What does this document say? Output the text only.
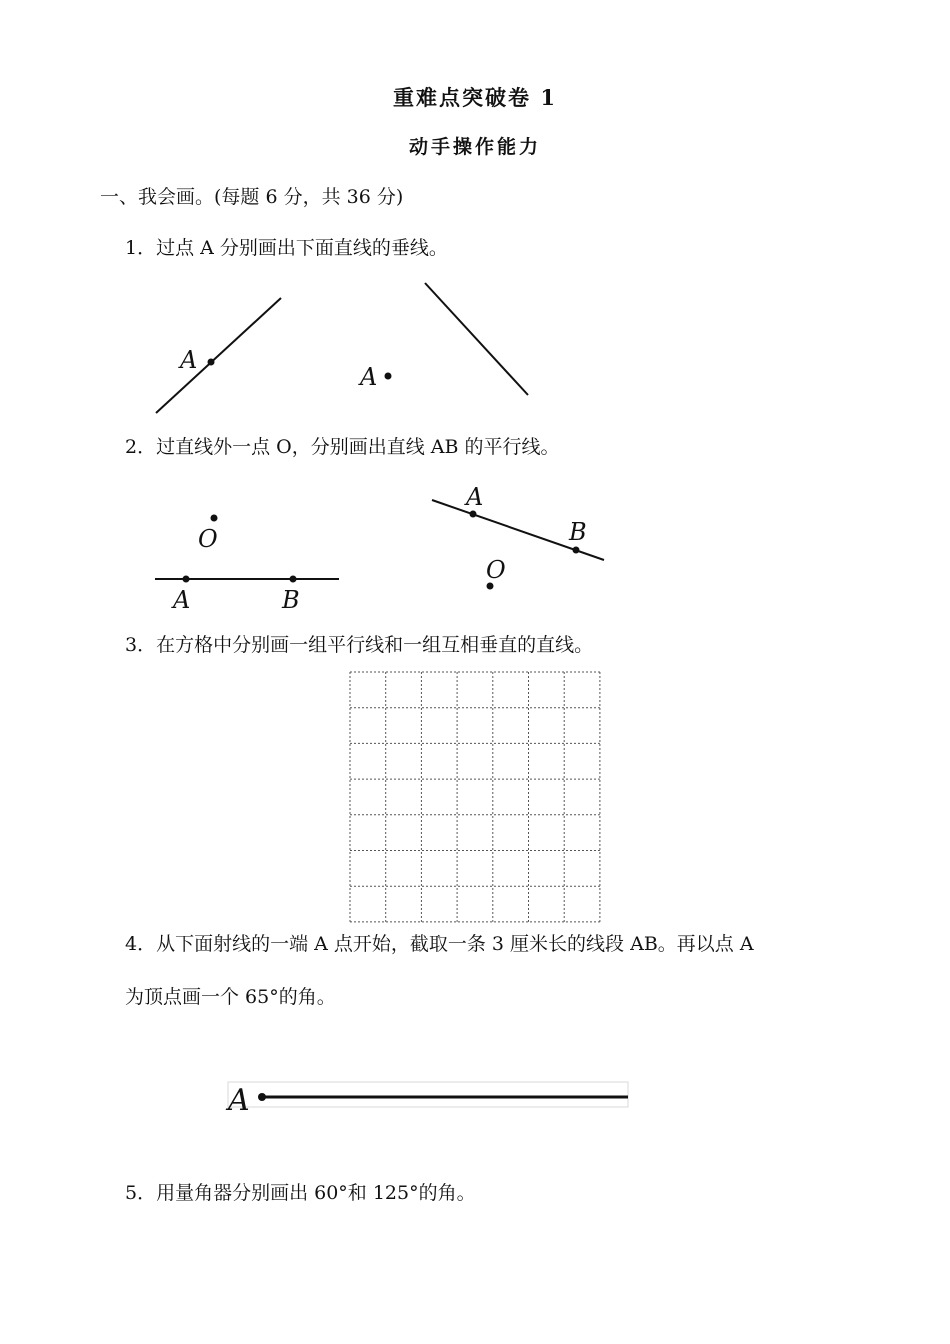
重难点突破卷 1
动手操作能力
一、我会画。(每题 6 分，共 36 分)
1．过点 A 分别画出下面直线的垂线。
2．过直线外一点 O，分别画出直线 AB 的平行线。
3．在方格中分别画一组平行线和一组互相垂直的直线。
4．从下面射线的一端 A 点开始，截取一条 3 厘米长的线段 AB。再以点 A
为顶点画一个 65°的角。
5．用量角器分别画出 60°和 125°的角。
A
A
O
A	B
A
B
O
A
